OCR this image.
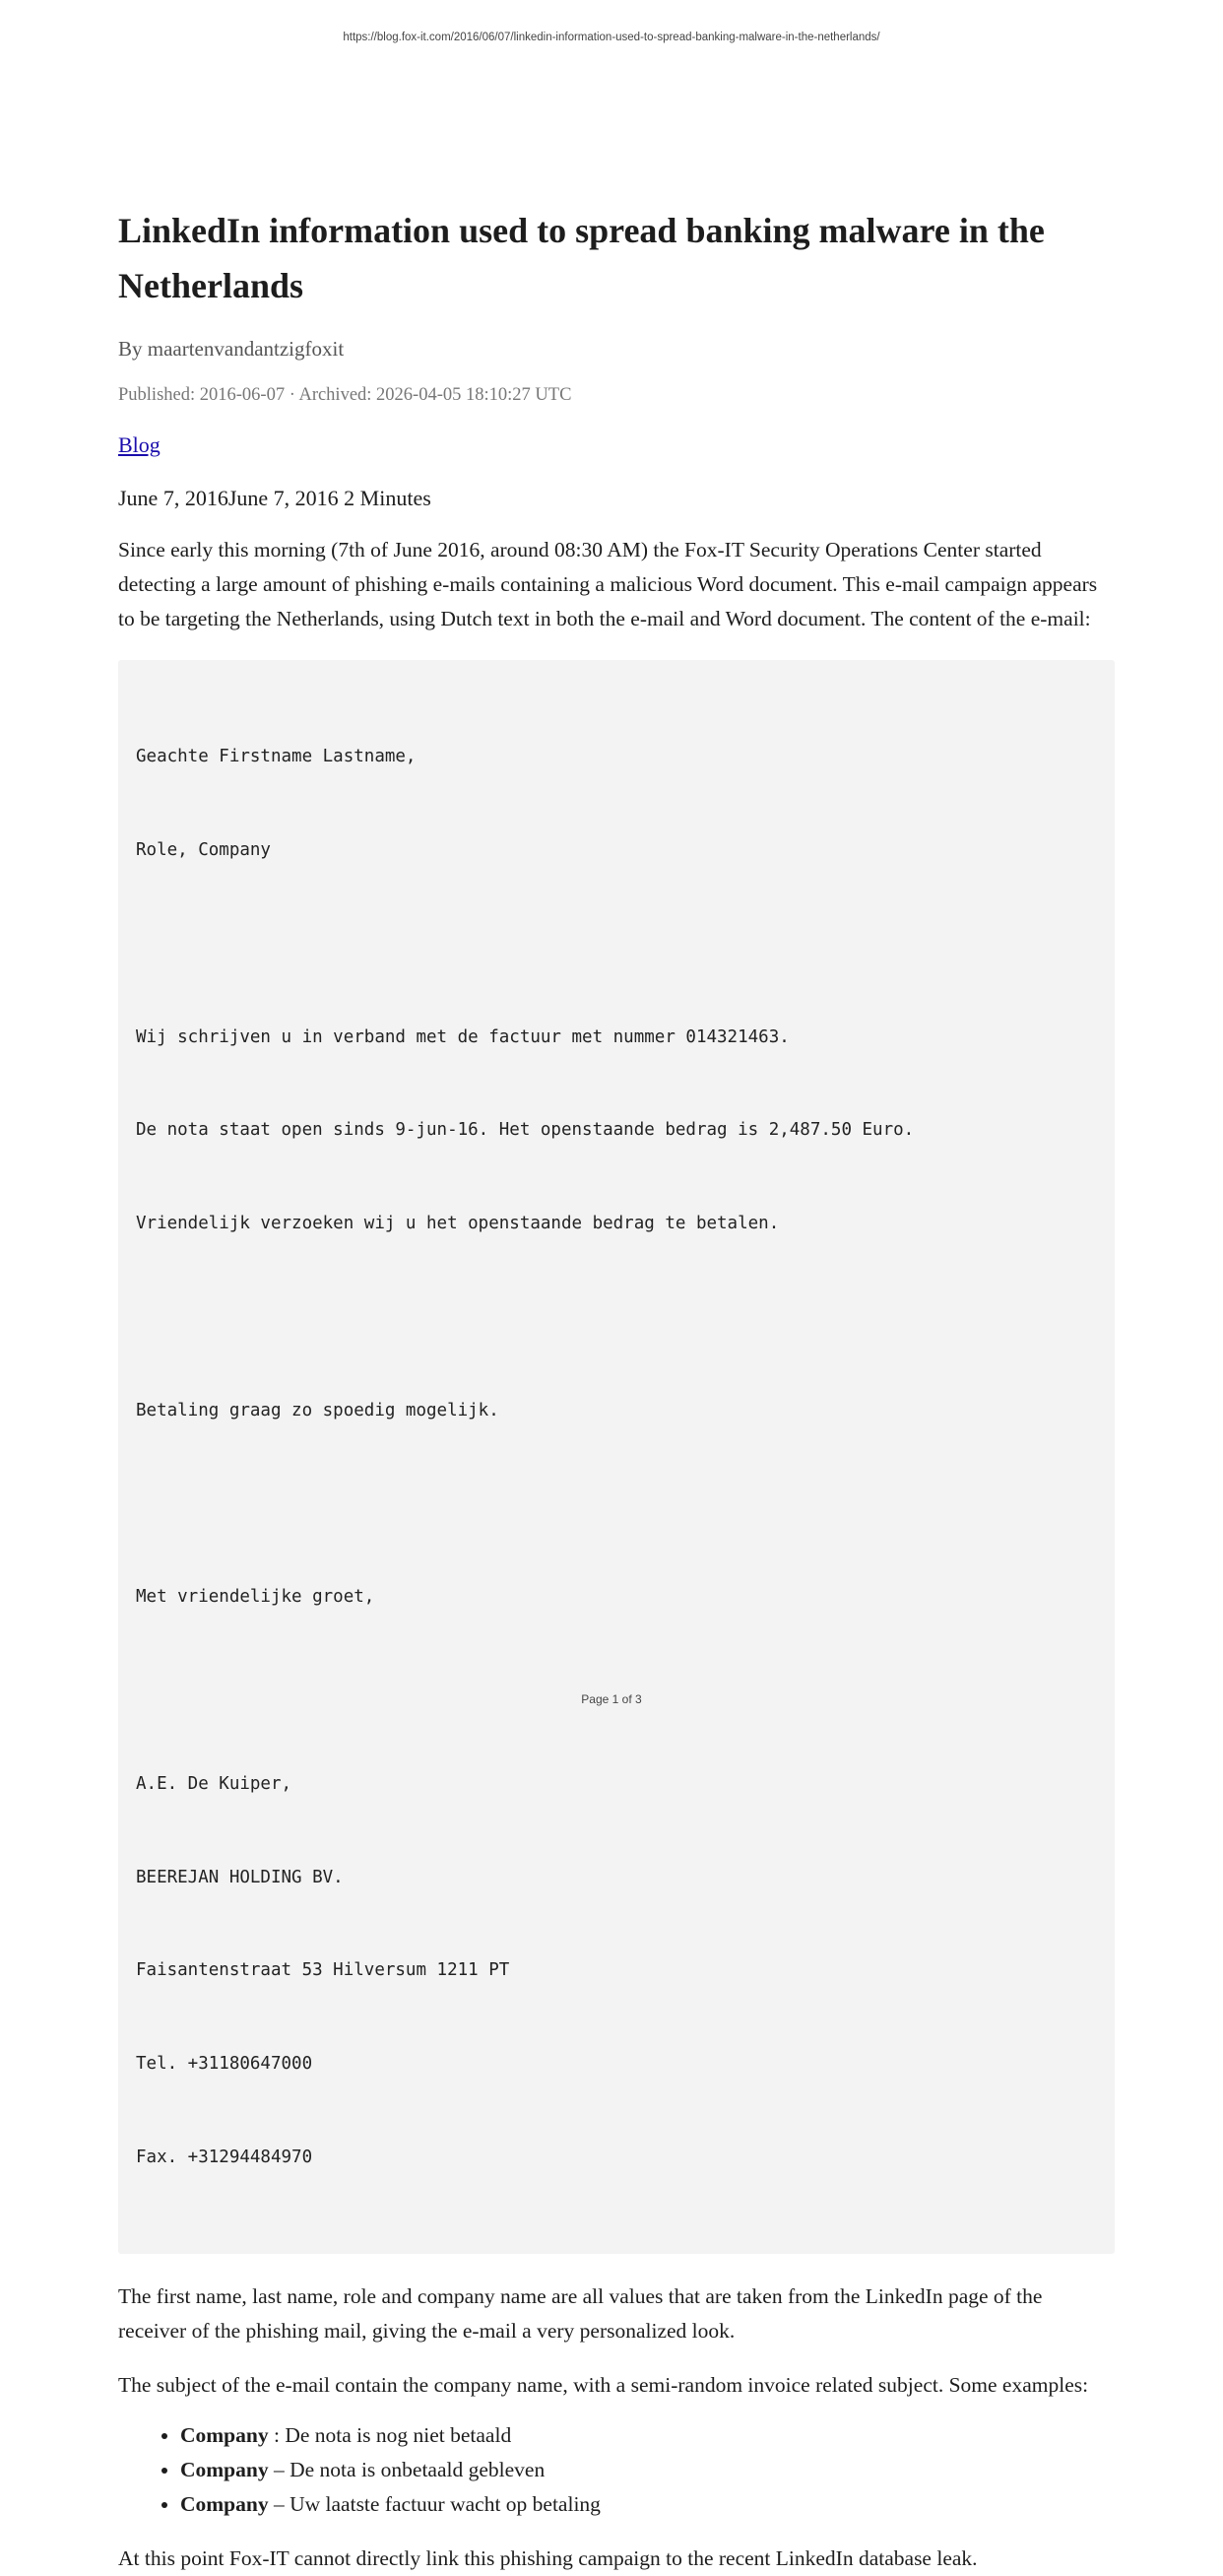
https://blog.fox-it.com/2016/06/07/linkedin-information-used-to-spread-banking-malware-in-the-netherlands/
LinkedIn information used to spread banking malware in the Netherlands

By maartenvandantzigfoxit

Published: 2016-06-07 · Archived: 2026-04-05 18:10:27 UTC

Blog

June 7, 2016June 7, 2016 2 Minutes

Since early this morning (7th of June 2016, around 08:30 AM) the Fox-IT Security Operations Center started detecting a large amount of phishing e-mails containing a malicious Word document. This e-mail campaign appears to be targeting the Netherlands, using Dutch text in both the e-mail and Word document. The content of the e-mail:

Geachte Firstname Lastname,

Role, Company

Wij schrijven u in verband met de factuur met nummer 014321463.

De nota staat open sinds 9-jun-16. Het openstaande bedrag is 2,487.50 Euro.

Vriendelijk verzoeken wij u het openstaande bedrag te betalen.

Betaling graag zo spoedig mogelijk.

Met vriendelijke groet,

A.E. De Kuiper,

BEEREJAN HOLDING BV.

Faisantenstraat 53 Hilversum 1211 PT

Tel. +31180647000

Fax. +31294484970

The first name, last name, role and company name are all values that are taken from the LinkedIn page of the receiver of the phishing mail, giving the e-mail a very personalized look.

The subject of the e-mail contain the company name, with a semi-random invoice related subject. Some examples:

• Company : De nota is nog niet betaald
• Company – De nota is onbetaald gebleven
• Company – Uw laatste factuur wacht op betaling

At this point Fox-IT cannot directly link this phishing campaign to the recent LinkedIn database leak.

Page 1 of 3
